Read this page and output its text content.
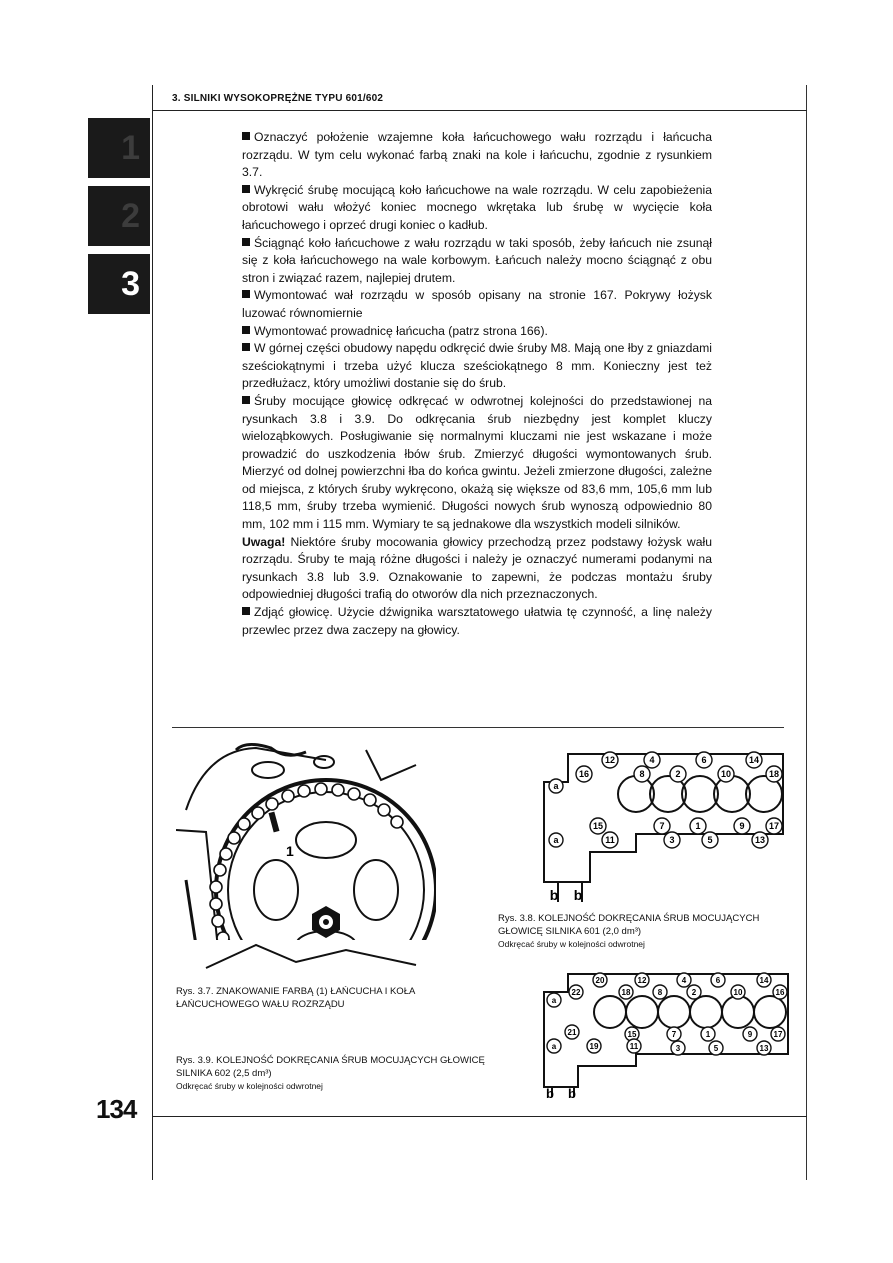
3. SILNIKI WYSOKOPRĘŻNE TYPU 601/602
1
2
3

Oznaczyć położenie wzajemne koła łańcuchowego wału rozrządu i łańcucha rozrządu. W tym celu wykonać farbą znaki na kole i łańcuchu, zgodnie z rysunkiem 3.7.

Wykręcić śrubę mocującą koło łańcuchowe na wale rozrządu. W celu zapobieżenia obrotowi wału włożyć koniec mocnego wkrętaka lub śrubę w wycięcie koła łańcuchowego i oprzeć drugi koniec o kadłub.

Ściągnąć koło łańcuchowe z wału rozrządu w taki sposób, żeby łańcuch nie zsunął się z koła łańcuchowego na wale korbowym. Łańcuch należy mocno ściągnąć z obu stron i związać razem, najlepiej drutem.

Wymontować wał rozrządu w sposób opisany na stronie 167. Pokrywy łożysk luzować równomiernie

Wymontować prowadnicę łańcucha (patrz strona 166).

W górnej części obudowy napędu odkręcić dwie śruby M8. Mają one łby z gniazdami sześciokątnymi i trzeba użyć klucza sześciokątnego 8 mm. Konieczny jest też przedłużacz, który umożliwi dostanie się do śrub.

Śruby mocujące głowicę odkręcać w odwrotnej kolejności do przedstawionej na rysunkach 3.8 i 3.9. Do odkręcania śrub niezbędny jest komplet kluczy wieloząbkowych. Posługiwanie się normalnymi kluczami nie jest wskazane i może prowadzić do uszkodzenia łbów śrub. Zmierzyć długości wymontowanych śrub. Mierzyć od dolnej powierzchni łba do końca gwintu. Jeżeli zmierzone długości, zależne od miejsca, z których śruby wykręcono, okażą się większe od 83,6 mm, 105,6 mm lub 118,5 mm, śruby trzeba wymienić. Długości nowych śrub wynoszą odpowiednio 80 mm, 102 mm i 115 mm. Wymiary te są jednakowe dla wszystkich modeli silników.

Uwaga! Niektóre śruby mocowania głowicy przechodzą przez podstawy łożysk wału rozrządu. Śruby te mają różne długości i należy je oznaczyć numerami podanymi na rysunkach 3.8 lub 3.9. Oznakowanie to zapewni, że podczas montażu śruby odpowiedniej długości trafią do otworów dla nich przeznaczonych.

Zdjąć głowicę. Użycie dźwignika warsztatowego ułatwia tę czynność, a linę należy przewlec przez dwa zaczepy na głowicy.

1
Rys. 3.7. ZNAKOWANIE FARBĄ (1) ŁAŃCUCHA I KOŁA ŁAŃCUCHOWEGO WAŁU ROZRZĄDU
12	4	6	14
16	8	2	10	18
15	7	1	9	17
11	3	5	13
a
a
b b
Rys. 3.8. KOLEJNOŚĆ DOKRĘCANIA ŚRUB MOCUJĄCYCH GŁOWICĘ SILNIKA 601 (2,0 dm³)
Odkręcać śruby w kolejności odwrotnej
20	12	4	6	14
22	18	8	2	10	16
15	7	1	9	17
21
19	11	3	5	13
a
a
b b
Rys. 3.9. KOLEJNOŚĆ DOKRĘCANIA ŚRUB MOCUJĄCYCH GŁOWICĘ SILNIKA 602 (2,5 dm³)
Odkręcać śruby w kolejności odwrotnej
134
